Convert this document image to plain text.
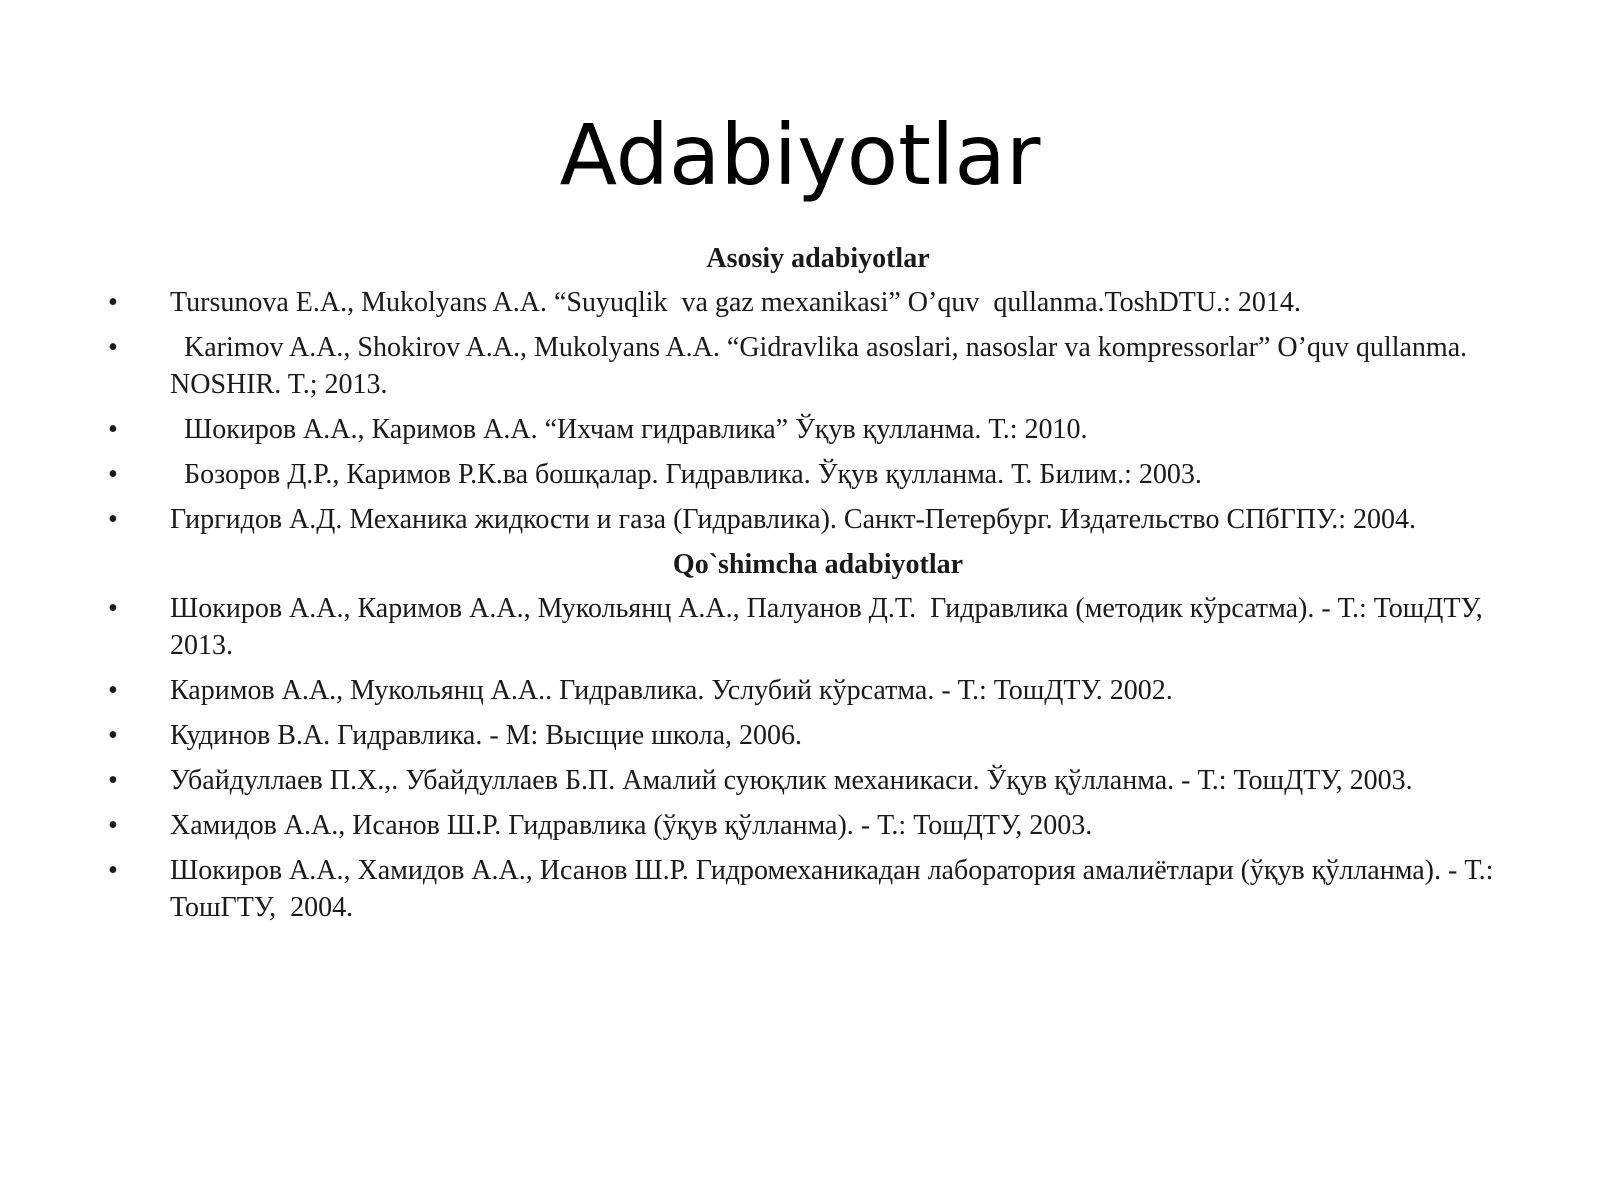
Adabiyotlar
Asosiy adabiyotlar
•	Tursunova E.A., Mukolyans A.A. “Suyuqlik  va gaz mexanikasi” O’quv  qullanma.ToshDTU.: 2014.
•	Karimov A.A., Shokirov A.A., Mukolyans A.A. “Gidravlika asoslari, nasoslar va kompressorlar” O’quv qullanma. NOSHIR. T.; 2013.
•	Шокиров А.А., Каримов А.А. “Ихчам гидравлика” Ўқув қулланма. Т.: 2010.
•	Бозоров Д.Р., Каримов Р.К.ва бошқалар. Гидравлика. Ўқув қулланма. Т. Билим.: 2003.
•	Гиргидов А.Д. Механика жидкости и газа (Гидравлика). Санкт-Петербург. Издательство СПбГПУ.: 2004.
Qo`shimcha adabiyotlar
•	Шокиров А.А., Каримов А.А., Мукольянц А.А., Палуанов Д.Т.  Гидравлика (методик кўрсатма). - Т.: ТошДТУ, 2013.
•	Каримов А.А., Мукольянц А.А.. Гидравлика. Услубий кўрсатма. - Т.: ТошДТУ. 2002.
•	Кудинов В.А. Гидравлика. - М: Высщие школа, 2006.
•	Убайдуллаев П.Х.,. Убайдуллаев Б.П. Амалий суюқлик механикаси. Ўқув қўлланма. - Т.: ТошДТУ, 2003.
•	Хамидов А.А., Исанов Ш.Р. Гидравлика (ўқув қўлланма). - Т.: ТошДТУ, 2003.
•	Шокиров А.А., Хамидов А.А., Исанов Ш.Р. Гидромеханикадан лаборатория амалиётлари (ўқув қўлланма). - Т.: ТошГТУ,  2004.
